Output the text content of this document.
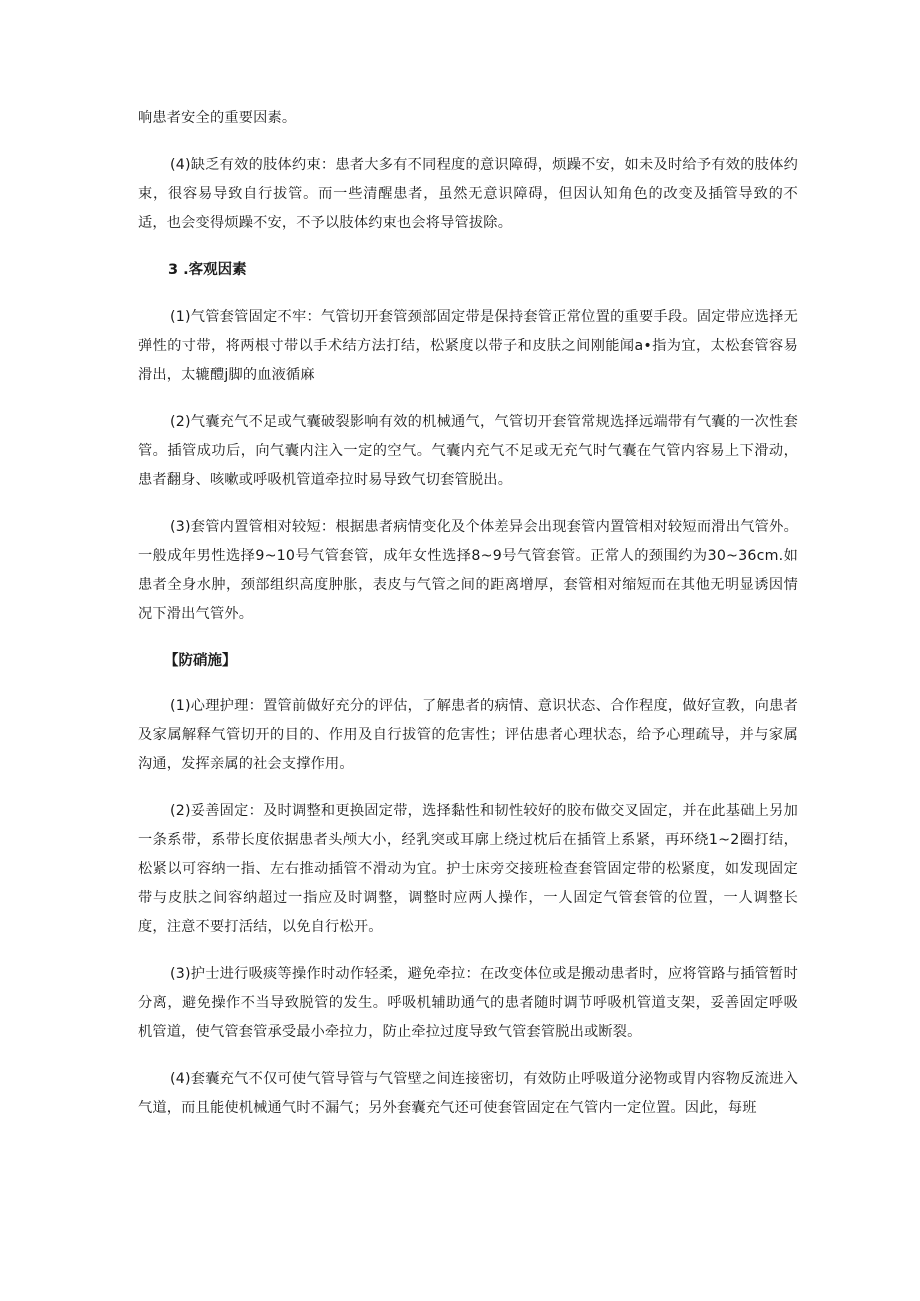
响患者安全的重要因素。

(4)缺乏有效的肢体约束：患者大多有不同程度的意识障碍，烦躁不安，如未及时给予有效的肢体约束，很容易导致自行拔管。而一些清醒患者，虽然无意识障碍，但因认知角色的改变及插管导致的不适，也会变得烦躁不安，不予以肢体约束也会将导管拔除。

3 .客观因素

(1)气管套管固定不牢：气管切开套管颈部固定带是保持套管正常位置的重要手段。固定带应选择无弹性的寸带，将两根寸带以手术结方法打结，松紧度以带子和皮肤之间刚能闻a•指为宜，太松套管容易滑出，太辘醴j脚的血液循麻

(2)气囊充气不足或气囊破裂影响有效的机械通气，气管切开套管常规选择远端带有气囊的一次性套管。插管成功后，向气囊内注入一定的空气。气囊内充气不足或无充气时气囊在气管内容易上下滑动，患者翻身、咳嗽或呼吸机管道牵拉时易导致气切套管脱出。

(3)套管内置管相对较短：根据患者病情变化及个体差异会出现套管内置管相对较短而滑出气管外。一般成年男性选择9~10号气管套管，成年女性选择8~9号气管套管。正常人的颈围约为30~36cm.如患者全身水肿，颈部组织高度肿胀，表皮与气管之间的距离增厚，套管相对缩短而在其他无明显诱因情况下滑出气管外。

【防硝施】

(1)心理护理：置管前做好充分的评估，了解患者的病情、意识状态、合作程度，做好宣教，向患者及家属解释气管切开的目的、作用及自行拔管的危害性；评估患者心理状态，给予心理疏导，并与家属沟通，发挥亲属的社会支撑作用。

(2)妥善固定：及时调整和更换固定带，选择黏性和韧性较好的胶布做交叉固定，并在此基础上另加一条系带，系带长度依据患者头颅大小，经乳突或耳廓上绕过枕后在插管上系紧，再环绕1~2圈打结，松紧以可容纳一指、左右推动插管不滑动为宜。护士床旁交接班检查套管固定带的松紧度，如发现固定带与皮肤之间容纳超过一指应及时调整，调整时应两人操作，一人固定气管套管的位置，一人调整长度，注意不要打活结，以免自行松开。

(3)护士进行吸痰等操作时动作轻柔，避免牵拉：在改变体位或是搬动患者时，应将管路与插管暂时分离，避免操作不当导致脱管的发生。呼吸机辅助通气的患者随时调节呼吸机管道支架，妥善固定呼吸机管道，使气管套管承受最小牵拉力，防止牵拉过度导致气管套管脱出或断裂。

(4)套囊充气不仅可使气管导管与气管壁之间连接密切，有效防止呼吸道分泌物或胃内容物反流进入气道，而且能使机械通气时不漏气；另外套囊充气还可使套管固定在气管内一定位置。因此，每班
